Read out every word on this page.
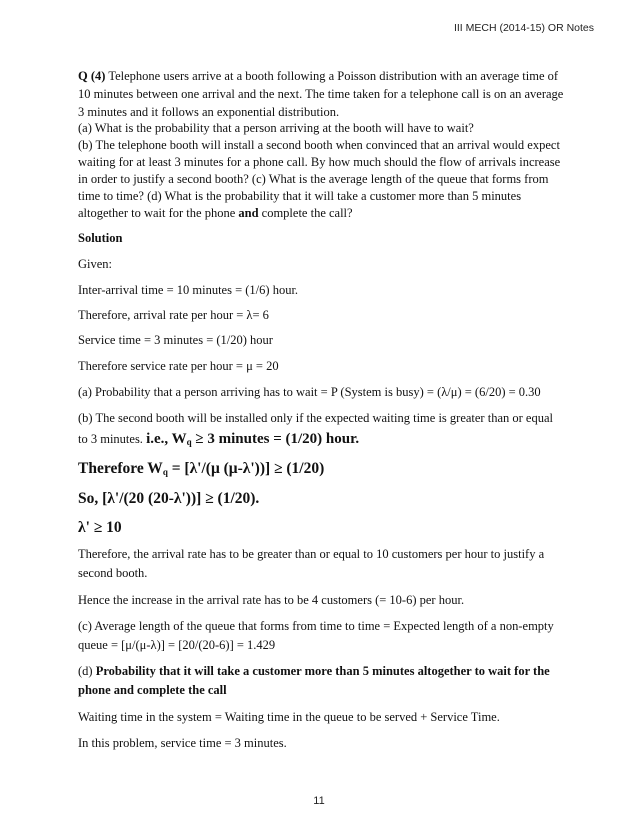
III MECH (2014-15) OR Notes
Q (4) Telephone users arrive at a booth following a Poisson distribution with an average time of
10 minutes between one arrival and the next. The time taken for a telephone call is on an average
3 minutes and it follows an exponential distribution.
(a) What is the probability that a person arriving at the booth will have to wait?
(b) The telephone booth will install a second booth when convinced that an arrival would expect
waiting for at least 3 minutes for a phone call. By how much should the flow of arrivals increase
in order to justify a second booth? (c) What is the average length of the queue that forms from
time to time? (d) What is the probability that it will take a customer more than 5 minutes
altogether to wait for the phone and complete the call?
Solution
Given:
Inter-arrival time = 10 minutes = (1/6) hour.
Therefore, arrival rate per hour = λ= 6
Service time = 3 minutes = (1/20) hour
Therefore service rate per hour = μ = 20
(a) Probability that a person arriving has to wait = P (System is busy) = (λ/μ) = (6/20) = 0.30
(b) The second booth will be installed only if the expected waiting time is greater than or equal
to 3 minutes. i.e., $W_q \ge 3$ minutes = (1/20) hour.
Therefore $W_q = [\lambda'/(\mu$ (μ-λ'))] ≥ (1/20)
So, [λ'/(20 (20-λ'))] ≥ (1/20).
λ' ≥ 10
Therefore, the arrival rate has to be greater than or equal to 10 customers per hour to justify a
second booth.
Hence the increase in the arrival rate has to be 4 customers (= 10-6) per hour.
(c) Average length of the queue that forms from time to time = Expected length of a non-empty
queue = [μ/(μ-λ)] = [20/(20-6)] = 1.429
(d) Probability that it will take a customer more than 5 minutes altogether to wait for the
phone and complete the call
Waiting time in the system = Waiting time in the queue to be served + Service Time.
In this problem, service time = 3 minutes.
11
